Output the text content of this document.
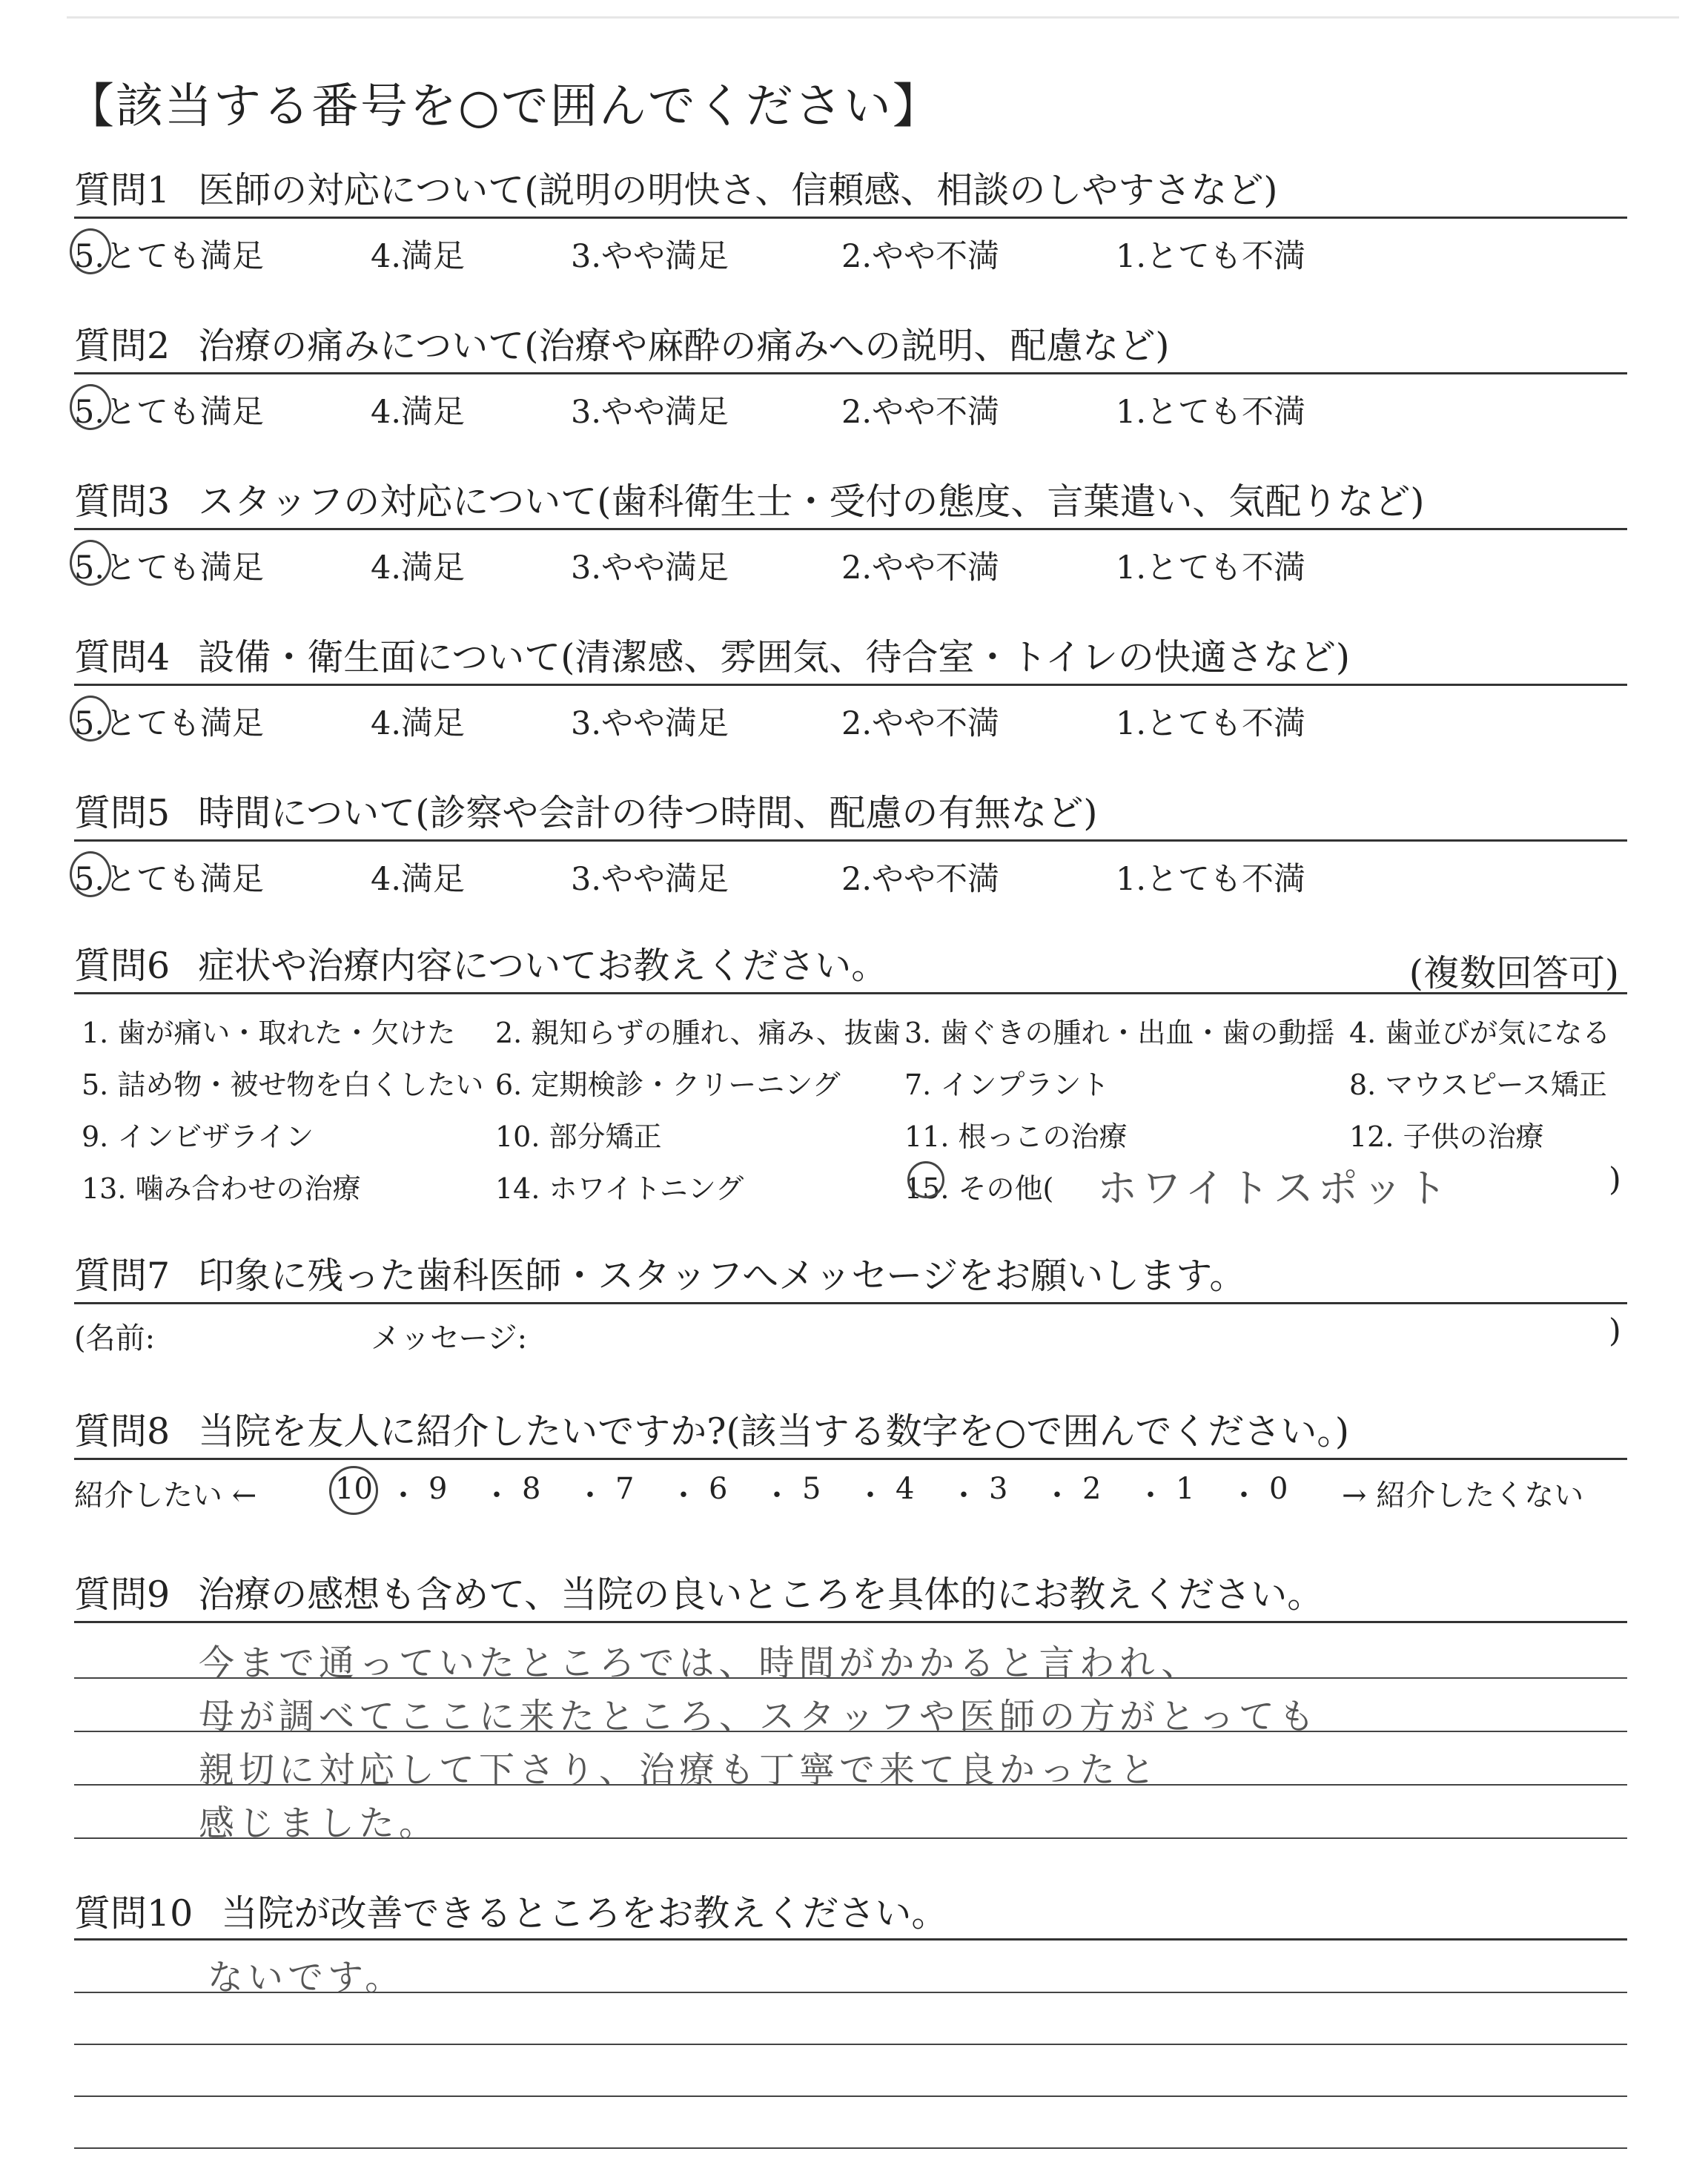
【該当する番号を○で囲んでください】
質問1 医師の対応について(説明の明快さ、信頼感、相談のしやすさなど)
5.とても満足	4.満足	3.やや満足	2.やや不満	1.とても不満
質問2 治療の痛みについて(治療や麻酔の痛みへの説明、配慮など)
5.とても満足	4.満足	3.やや満足	2.やや不満	1.とても不満
質問3 スタッフの対応について(歯科衛生士・受付の態度、言葉遣い、気配りなど)
5.とても満足	4.満足	3.やや満足	2.やや不満	1.とても不満
質問4 設備・衛生面について(清潔感、雰囲気、待合室・トイレの快適さなど)
5.とても満足	4.満足	3.やや満足	2.やや不満	1.とても不満
質問5 時間について(診察や会計の待つ時間、配慮の有無など)
5.とても満足	4.満足	3.やや満足	2.やや不満	1.とても不満
質問6 症状や治療内容についてお教えください。	(複数回答可)
1. 歯が痛い・取れた・欠けた 2. 親知らずの腫れ、痛み、抜歯 3. 歯ぐきの腫れ・出血・歯の動揺 4. 歯並びが気になる
5. 詰め物・被せ物を白くしたい 6. 定期検診・クリーニング 7. インプラント	8. マウスピース矯正
9. インビザライン	10. 部分矯正	11. 根っこの治療	12. 子供の治療
13. 噛み合わせの治療	14. ホワイトニング	15. その他(	)
ホワイトスポット
質問7 印象に残った歯科医師・スタッフへメッセージをお願いします。
(名前:	メッセージ:	)
質問8 当院を友人に紹介したいですか?(該当する数字を○で囲んでください。)
紹介したい ←	10 ・ 9 ・ 8 ・ 7 ・ 6 ・ 5 ・ 4 ・ 3 ・ 2 ・ 1 ・ 0 → 紹介したくない
質問9 治療の感想も含めて、当院の良いところを具体的にお教えください。
今まで通っていたところでは、時間がかかると言われ、
母が調べてここに来たところ、スタッフや医師の方がとっても
親切に対応して下さり、治療も丁寧で来て良かったと
感じました。
質問10 当院が改善できるところをお教えください。
ないです。
